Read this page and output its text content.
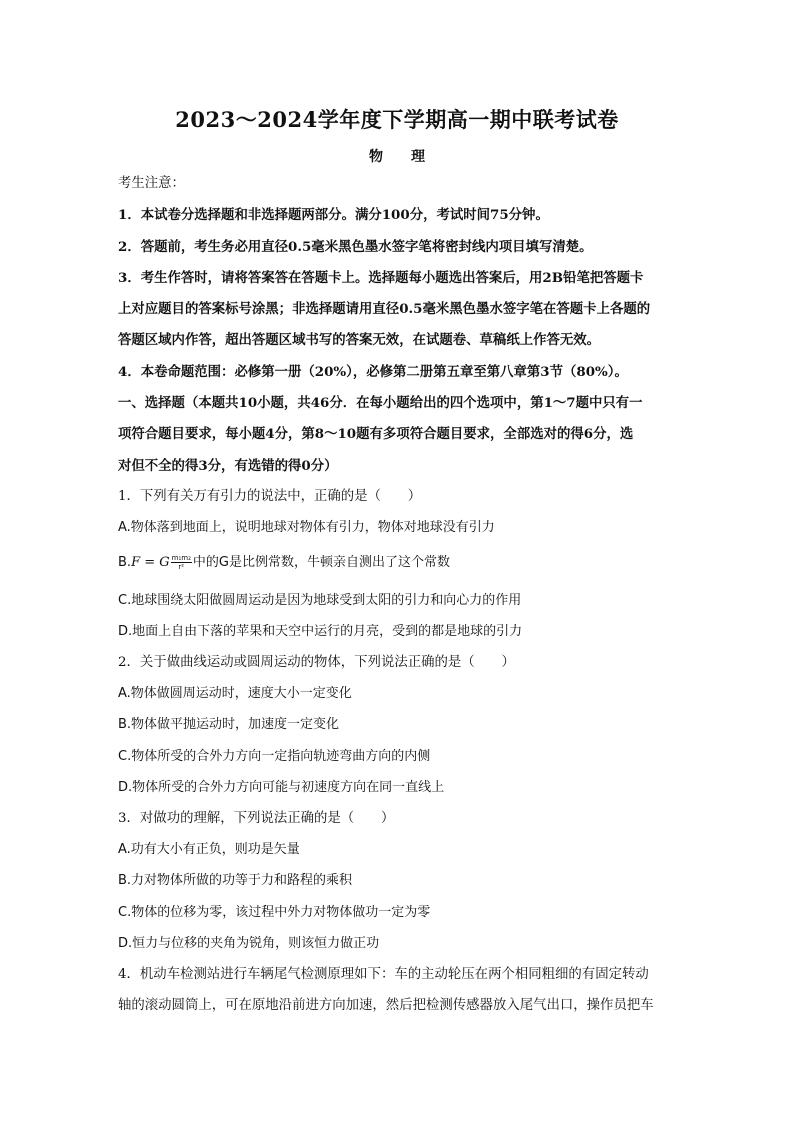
2023～2024学年度下学期高一期中联考试卷
物　　理
考生注意：
1．本试卷分选择题和非选择题两部分。满分100分，考试时间75分钟。
2．答题前，考生务必用直径0.5毫米黑色墨水签字笔将密封线内项目填写清楚。
3．考生作答时，请将答案答在答题卡上。选择题每小题选出答案后，用2B铅笔把答题卡
上对应题目的答案标号涂黑；非选择题请用直径0.5毫米黑色墨水签字笔在答题卡上各题的
答题区域内作答，超出答题区域书写的答案无效，在试题卷、草稿纸上作答无效。
4．本卷命题范围：必修第一册（20%），必修第二册第五章至第八章第3节（80%）。
一、选择题（本题共10小题，共46分．在每小题给出的四个选项中，第1～7题中只有一
项符合题目要求，每小题4分，第8～10题有多项符合题目要求，全部选对的得6分，选
对但不全的得3分，有选错的得0分）
1．下列有关万有引力的说法中，正确的是（　　）
A.物体落到地面上，说明地球对物体有引力，物体对地球没有引力
B.F = G $\frac{\text{m₁m₂}}{\text{r²}}$ 中的G是比例常数，牛顿亲自测出了这个常数
C.地球围绕太阳做圆周运动是因为地球受到太阳的引力和向心力的作用
D.地面上自由下落的苹果和天空中运行的月亮，受到的都是地球的引力
2．关于做曲线运动或圆周运动的物体，下列说法正确的是（　　）
A.物体做圆周运动时，速度大小一定变化
B.物体做平抛运动时，加速度一定变化
C.物体所受的合外力方向一定指向轨迹弯曲方向的内侧
D.物体所受的合外力方向可能与初速度方向在同一直线上
3．对做功的理解，下列说法正确的是（　　）
A.功有大小有正负，则功是矢量
B.力对物体所做的功等于力和路程的乘积
C.物体的位移为零，该过程中外力对物体做功一定为零
D.恒力与位移的夹角为锐角，则该恒力做正功
4．机动车检测站进行车辆尾气检测原理如下：车的主动轮压在两个相同粗细的有固定转动
轴的滚动圆筒上，可在原地沿前进方向加速，然后把检测传感器放入尾气出口，操作员把车
